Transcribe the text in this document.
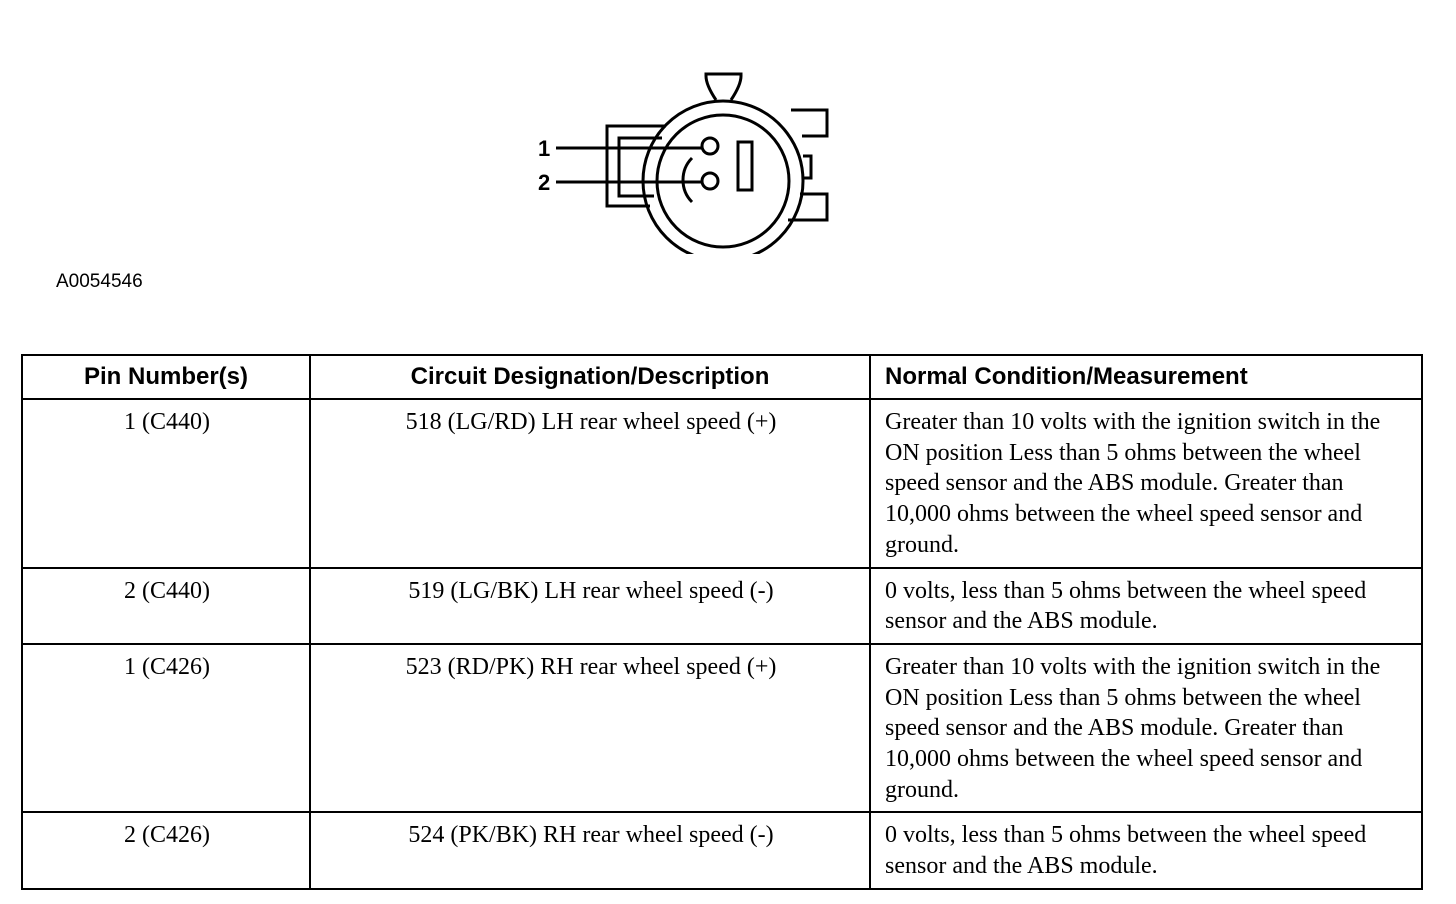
1
2
A0054546
Pin Number(s)	Circuit Designation/Description	Normal Condition/Measurement
1 (C440)	518 (LG/RD) LH rear wheel speed (+)	Greater than 10 volts with the ignition switch in the ON position Less than 5 ohms between the wheel speed sensor and the ABS module. Greater than 10,000 ohms between the wheel speed sensor and ground.
2 (C440)	519 (LG/BK) LH rear wheel speed (-)	0 volts, less than 5 ohms between the wheel speed sensor and the ABS module.
1 (C426)	523 (RD/PK) RH rear wheel speed (+)	Greater than 10 volts with the ignition switch in the ON position Less than 5 ohms between the wheel speed sensor and the ABS module. Greater than 10,000 ohms between the wheel speed sensor and ground.
2 (C426)	524 (PK/BK) RH rear wheel speed (-)	0 volts, less than 5 ohms between the wheel speed sensor and the ABS module.
